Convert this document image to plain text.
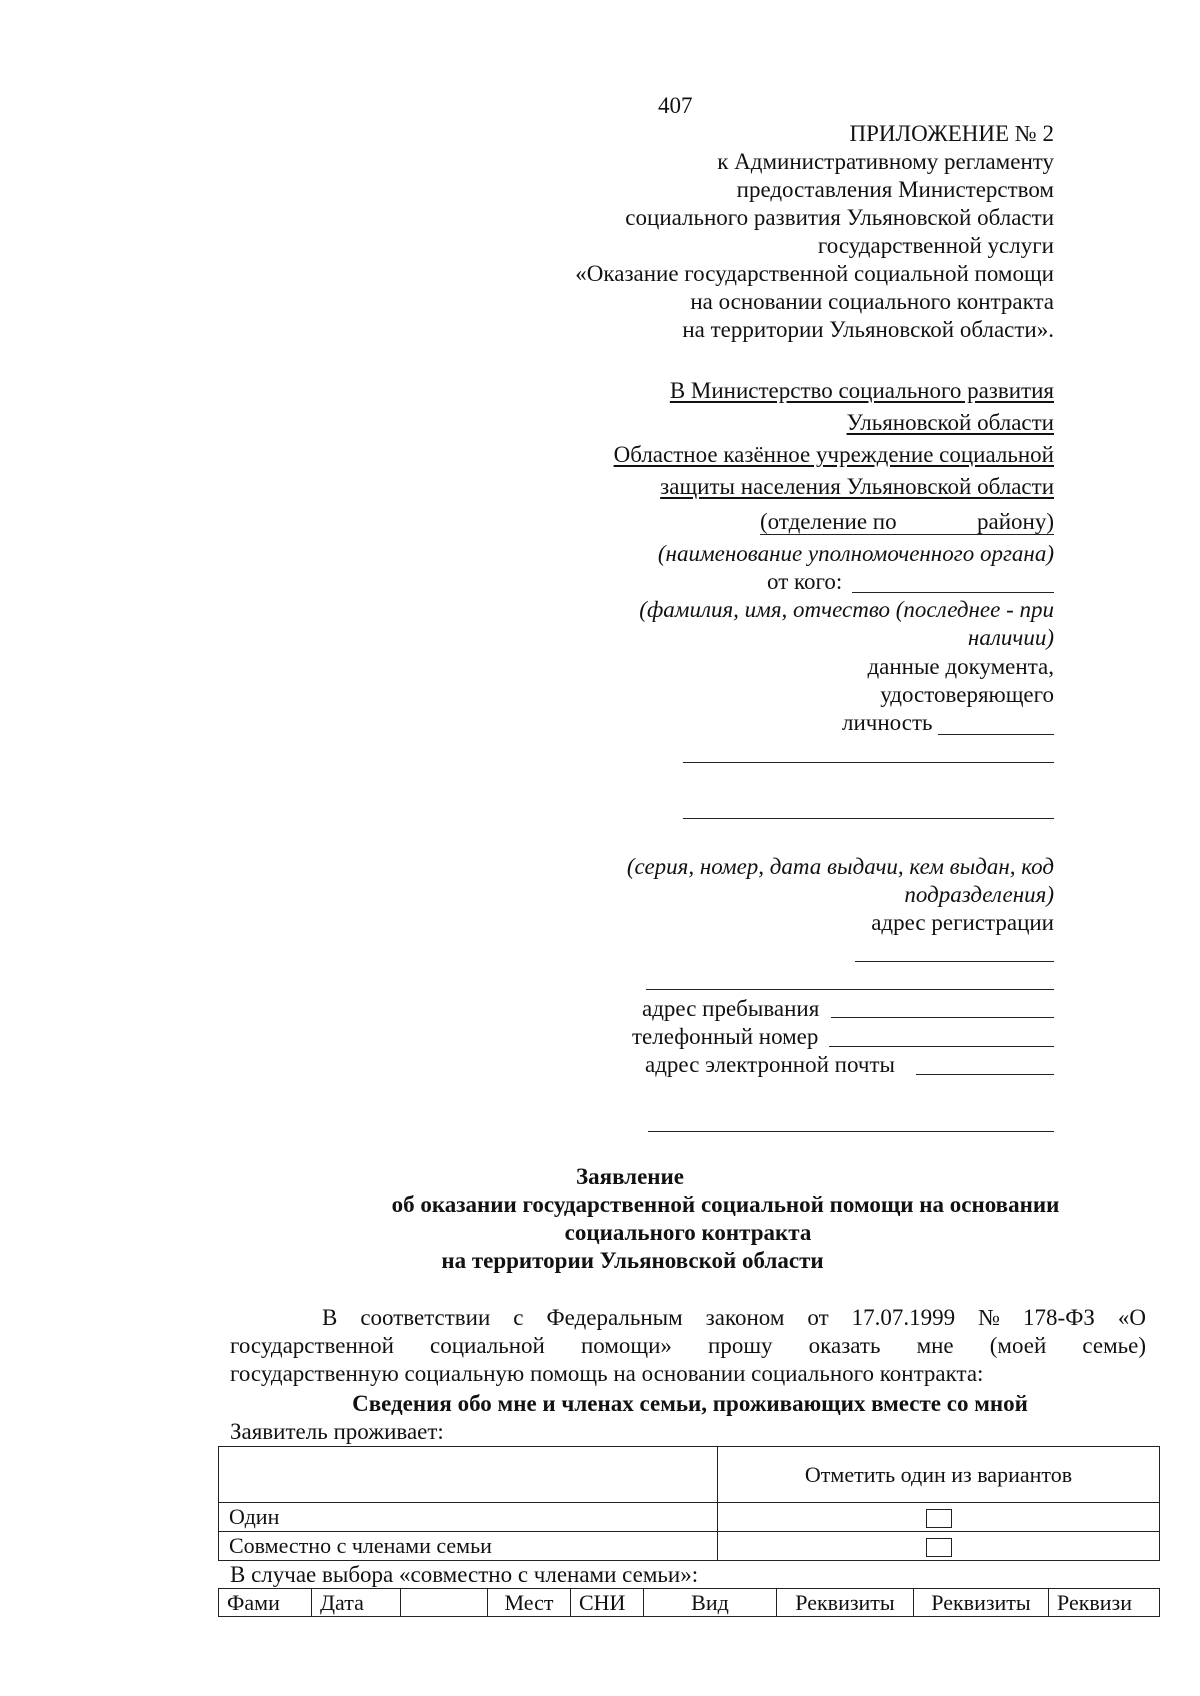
407
ПРИЛОЖЕНИЕ № 2
к Административному регламенту
предоставления Министерством
социального развития Ульяновской области
государственной услуги
«Оказание государственной социальной помощи
на основании социального контракта
на территории Ульяновской области».
В Министерство социального развития
Ульяновской области
Областное казённое учреждение социальной
защиты населения Ульяновской области
(отделение по	району)
(наименование уполномоченного органа)
от кого:
(фамилия, имя, отчество (последнее - при
наличии)
данные документа,
удостоверяющего
личность
(серия, номер, дата выдачи, кем выдан, код
подразделения)
адрес регистрации
адрес пребывания
телефонный номер
адрес электронной почты
Заявление
об оказании государственной социальной помощи на основании
социального контракта
на территории Ульяновской области
В соответствии с Федеральным законом от 17.07.1999 № 178-ФЗ «О
государственной социальной помощи» прошу оказать мне (моей семье)
государственную социальную помощь на основании социального контракта:
Сведения обо мне и членах семьи, проживающих вместе со мной
Заявитель проживает:
	Отметить один из вариантов
Один	
Совместно с членами семьи	
В случае выбора «совместно с членами семьи»:
Фами	Дата		Мест	СНИ	Вид	Реквизиты	Реквизиты	Реквизи
